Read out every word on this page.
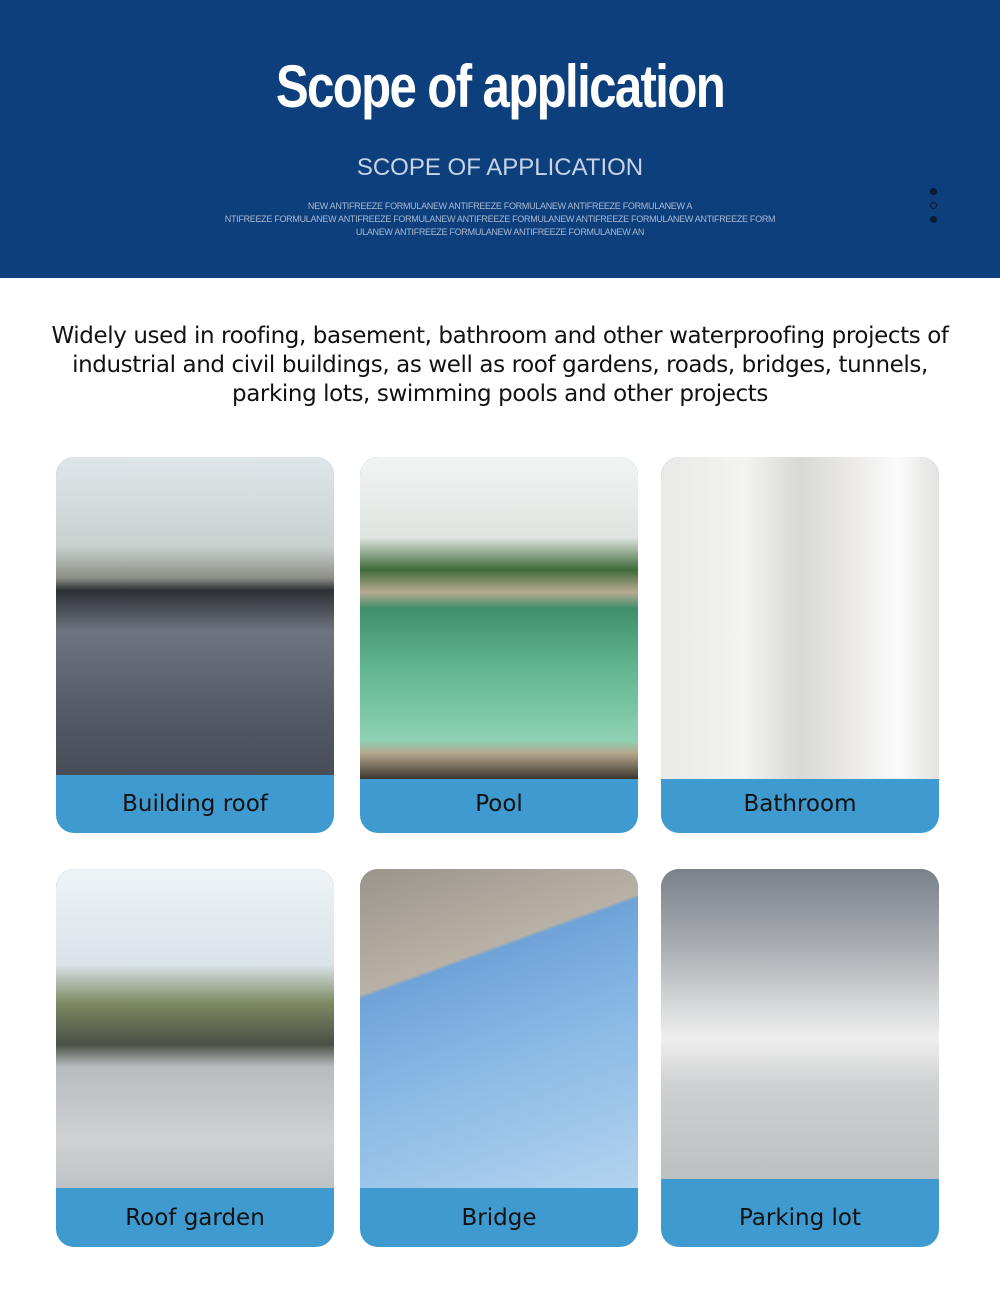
Scope of application
SCOPE OF APPLICATION
NEW ANTIFREEZE FORMULANEW ANTIFREEZE FORMULANEW ANTIFREEZE FORMULANEW A
NTIFREEZE FORMULANEW ANTIFREEZE FORMULANEW ANTIFREEZE FORMULANEW ANTIFREEZE FORMULANEW ANTIFREEZE FORM
ULANEW ANTIFREEZE FORMULANEW ANTIFREEZE FORMULANEW AN
Widely used in roofing, basement, bathroom and other waterproofing projects of industrial and civil buildings, as well as roof gardens, roads, bridges, tunnels, parking lots, swimming pools and other projects
Building roof	Pool	Bathroom
Roof garden	Bridge	Parking lot
